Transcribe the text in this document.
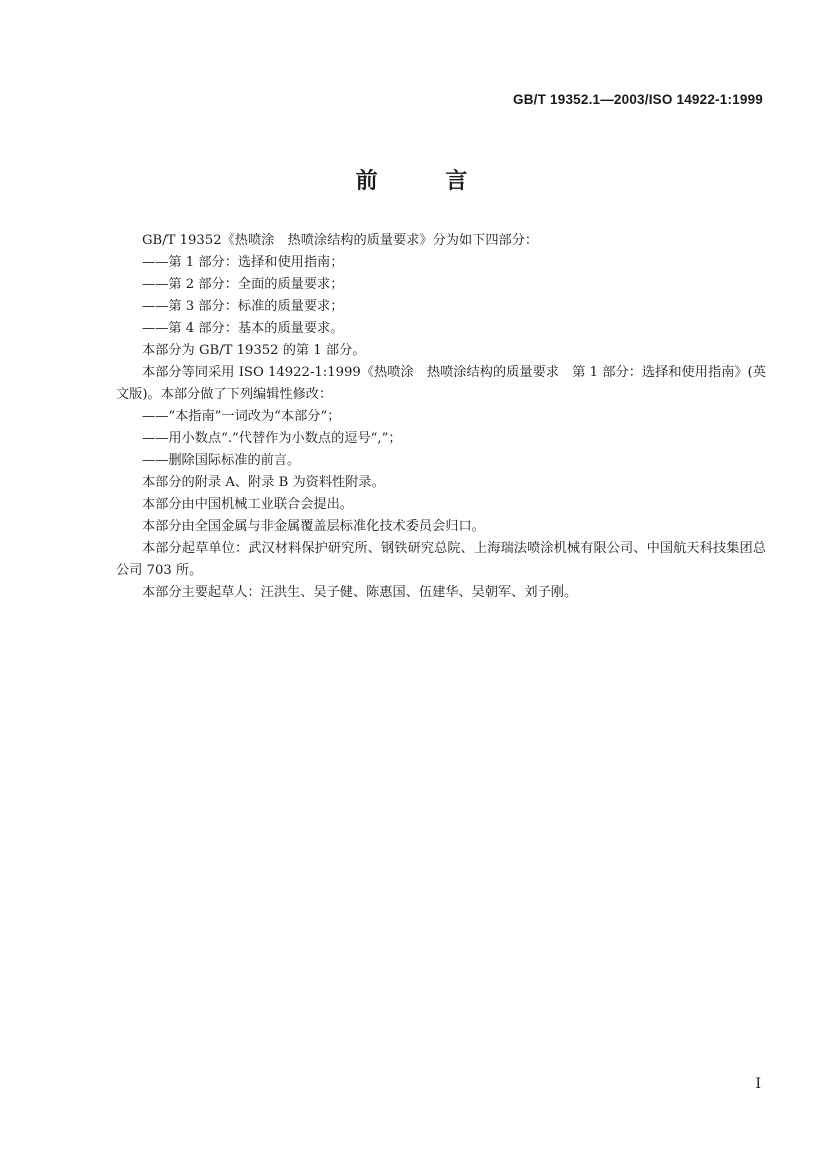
GB/T 19352.1—2003/ISO 14922-1:1999
前 言

GB/T 19352《热喷涂　热喷涂结构的质量要求》分为如下四部分：

——第 1 部分：选择和使用指南；

——第 2 部分：全面的质量要求；

——第 3 部分：标准的质量要求；

——第 4 部分：基本的质量要求。

本部分为 GB/T 19352 的第 1 部分。

本部分等同采用 ISO 14922-1:1999《热喷涂　热喷涂结构的质量要求　第 1 部分：选择和使用指南》(英文版)。本部分做了下列编辑性修改：

——“本指南”一词改为“本部分”；

——用小数点“.”代替作为小数点的逗号“,”；

——删除国际标准的前言。

本部分的附录 A、附录 B 为资料性附录。

本部分由中国机械工业联合会提出。

本部分由全国金属与非金属覆盖层标准化技术委员会归口。

本部分起草单位：武汉材料保护研究所、钢铁研究总院、上海瑞法喷涂机械有限公司、中国航天科技集团总公司 703 所。

本部分主要起草人：汪洪生、吴子健、陈惠国、伍建华、吴朝军、刘子刚。

I
